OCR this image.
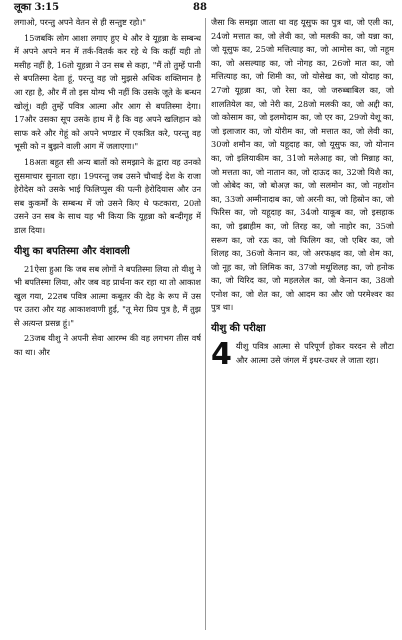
लूका 3:15	88

लगाओ, परन्तु अपने वेतन से ही सन्तुष्ट रहो।"

15जबकि लोग आशा लगाए हुए थे और वे यूहन्ना के सम्बन्ध में अपने अपने मन में तर्क-वितर्क कर रहे थे कि कहीं यही तो मसीह नहीं है, 16तो यूहन्ना ने उन सब से कहा, "मैं तो तुम्हें पानी से बपतिस्मा देता हूं, परन्तु वह जो मुझसे अधिक शक्तिमान है आ रहा है, और मैं तो इस योग्य भी नहीं कि उसके जूते के बन्धन खोलूं। वही तुम्हें पवित्र आत्मा और आग से बपतिस्मा देगा। 17और उसका सूप उसके हाथ में है कि वह अपने खलिहान को साफ करे और गेहूं को अपने भण्डार में एकत्रित करे, परन्तु वह भूसी को न बुझने वाली आग में जलाएगा।"

18अतः बहुत सी अन्य बातों को समझाने के द्वारा वह उनको सुसमाचार सुनाता रहा। 19परन्तु जब उसने चौथाई देश के राजा हेरोदेस को उसके भाई फिलिप्पुस की पत्नी हेरोदियास और उन सब कुकर्मों के सम्बन्ध में जो उसने किए थे फटकारा, 20तो उसने उन सब के साथ यह भी किया कि यूहन्ना को बन्दीगृह में डाल दिया।

यीशु का बपतिस्मा और वंशावली

21ऐसा हुआ कि जब सब लोगों ने बपतिस्मा लिया तो यीशु ने भी बपतिस्मा लिया, और जब वह प्रार्थना कर रहा था तो आकाश खुल गया, 22तब पवित्र आत्मा कबूतर की देह के रूप में उस पर उतरा और यह आकाशवाणी हुई, "तू मेरा प्रिय पुत्र है, मैं तुझ से अत्यन्त प्रसन्न हूं।"

23जब यीशु ने अपनी सेवा आरम्भ की वह लगभग तीस वर्ष का था। और

जैसा कि समझा जाता था वह यूसुफ का पुत्र था, जो एली का, 24जो मत्तात का, जो लेवी का, जो मलकी का, जो यन्ना का, जो यूसुफ का, 25जो मत्तित्याह का, जो आमोस का, जो नहूम का, जो असल्याह का, जो नोगह का, 26जो मात का, जो मत्तित्याह का, जो शिमी का, जो योसेख का, जो योदाह का, 27जो यूहन्ना का, जो रेसा का, जो जरुब्बाबिल का, जो शालतियेल का, जो नेरी का, 28जो मलकी का, जो अद्दी का, जो कोसाम का, जो इलमोदाम का, जो एर का, 29जो येशू का, जो इलाजार का, जो योरीम का, जो मत्तात का, जो लेवी का, 30जो शमौन का, जो यहूदाह का, जो यूसुफ का, जो योनान का, जो इलियाकीम का, 31जो मलेआह का, जो मिन्नाह का, जो मत्तता का, जो नातान का, जो दाऊद का, 32जो यिशै का, जो ओबेद का, जो बोअज़ का, जो सलमोन का, जो नहशोन का, 33जो अम्मीनादाब का, जो अरनी का, जो हिस्रोन का, जो फिरिस का, जो यहूदाह का, 34जो याकूब का, जो इसहाक का, जो इब्राहीम का, जो तिरह का, जो नाहोर का, 35जो सरूग का, जो रऊ का, जो फिलिग का, जो एबिर का, जो शिलह का, 36जो केनान का, जो अरफक्षद का, जो शेम का, जो नूह का, जो लिमिक का, 37जो मथूशिलह का, जो हनोक का, जो यिरिद का, जो महललेल का, जो केनान का, 38जो एनोश का, जो शेत का, जो आदम का और जो परमेश्वर का पुत्र था।

यीशु की परीक्षा
4 यीशु पवित्र आत्मा से परिपूर्ण होकर यरदन से लौटा और आत्मा उसे जंगल में इधर-उधर ले जाता रहा।
